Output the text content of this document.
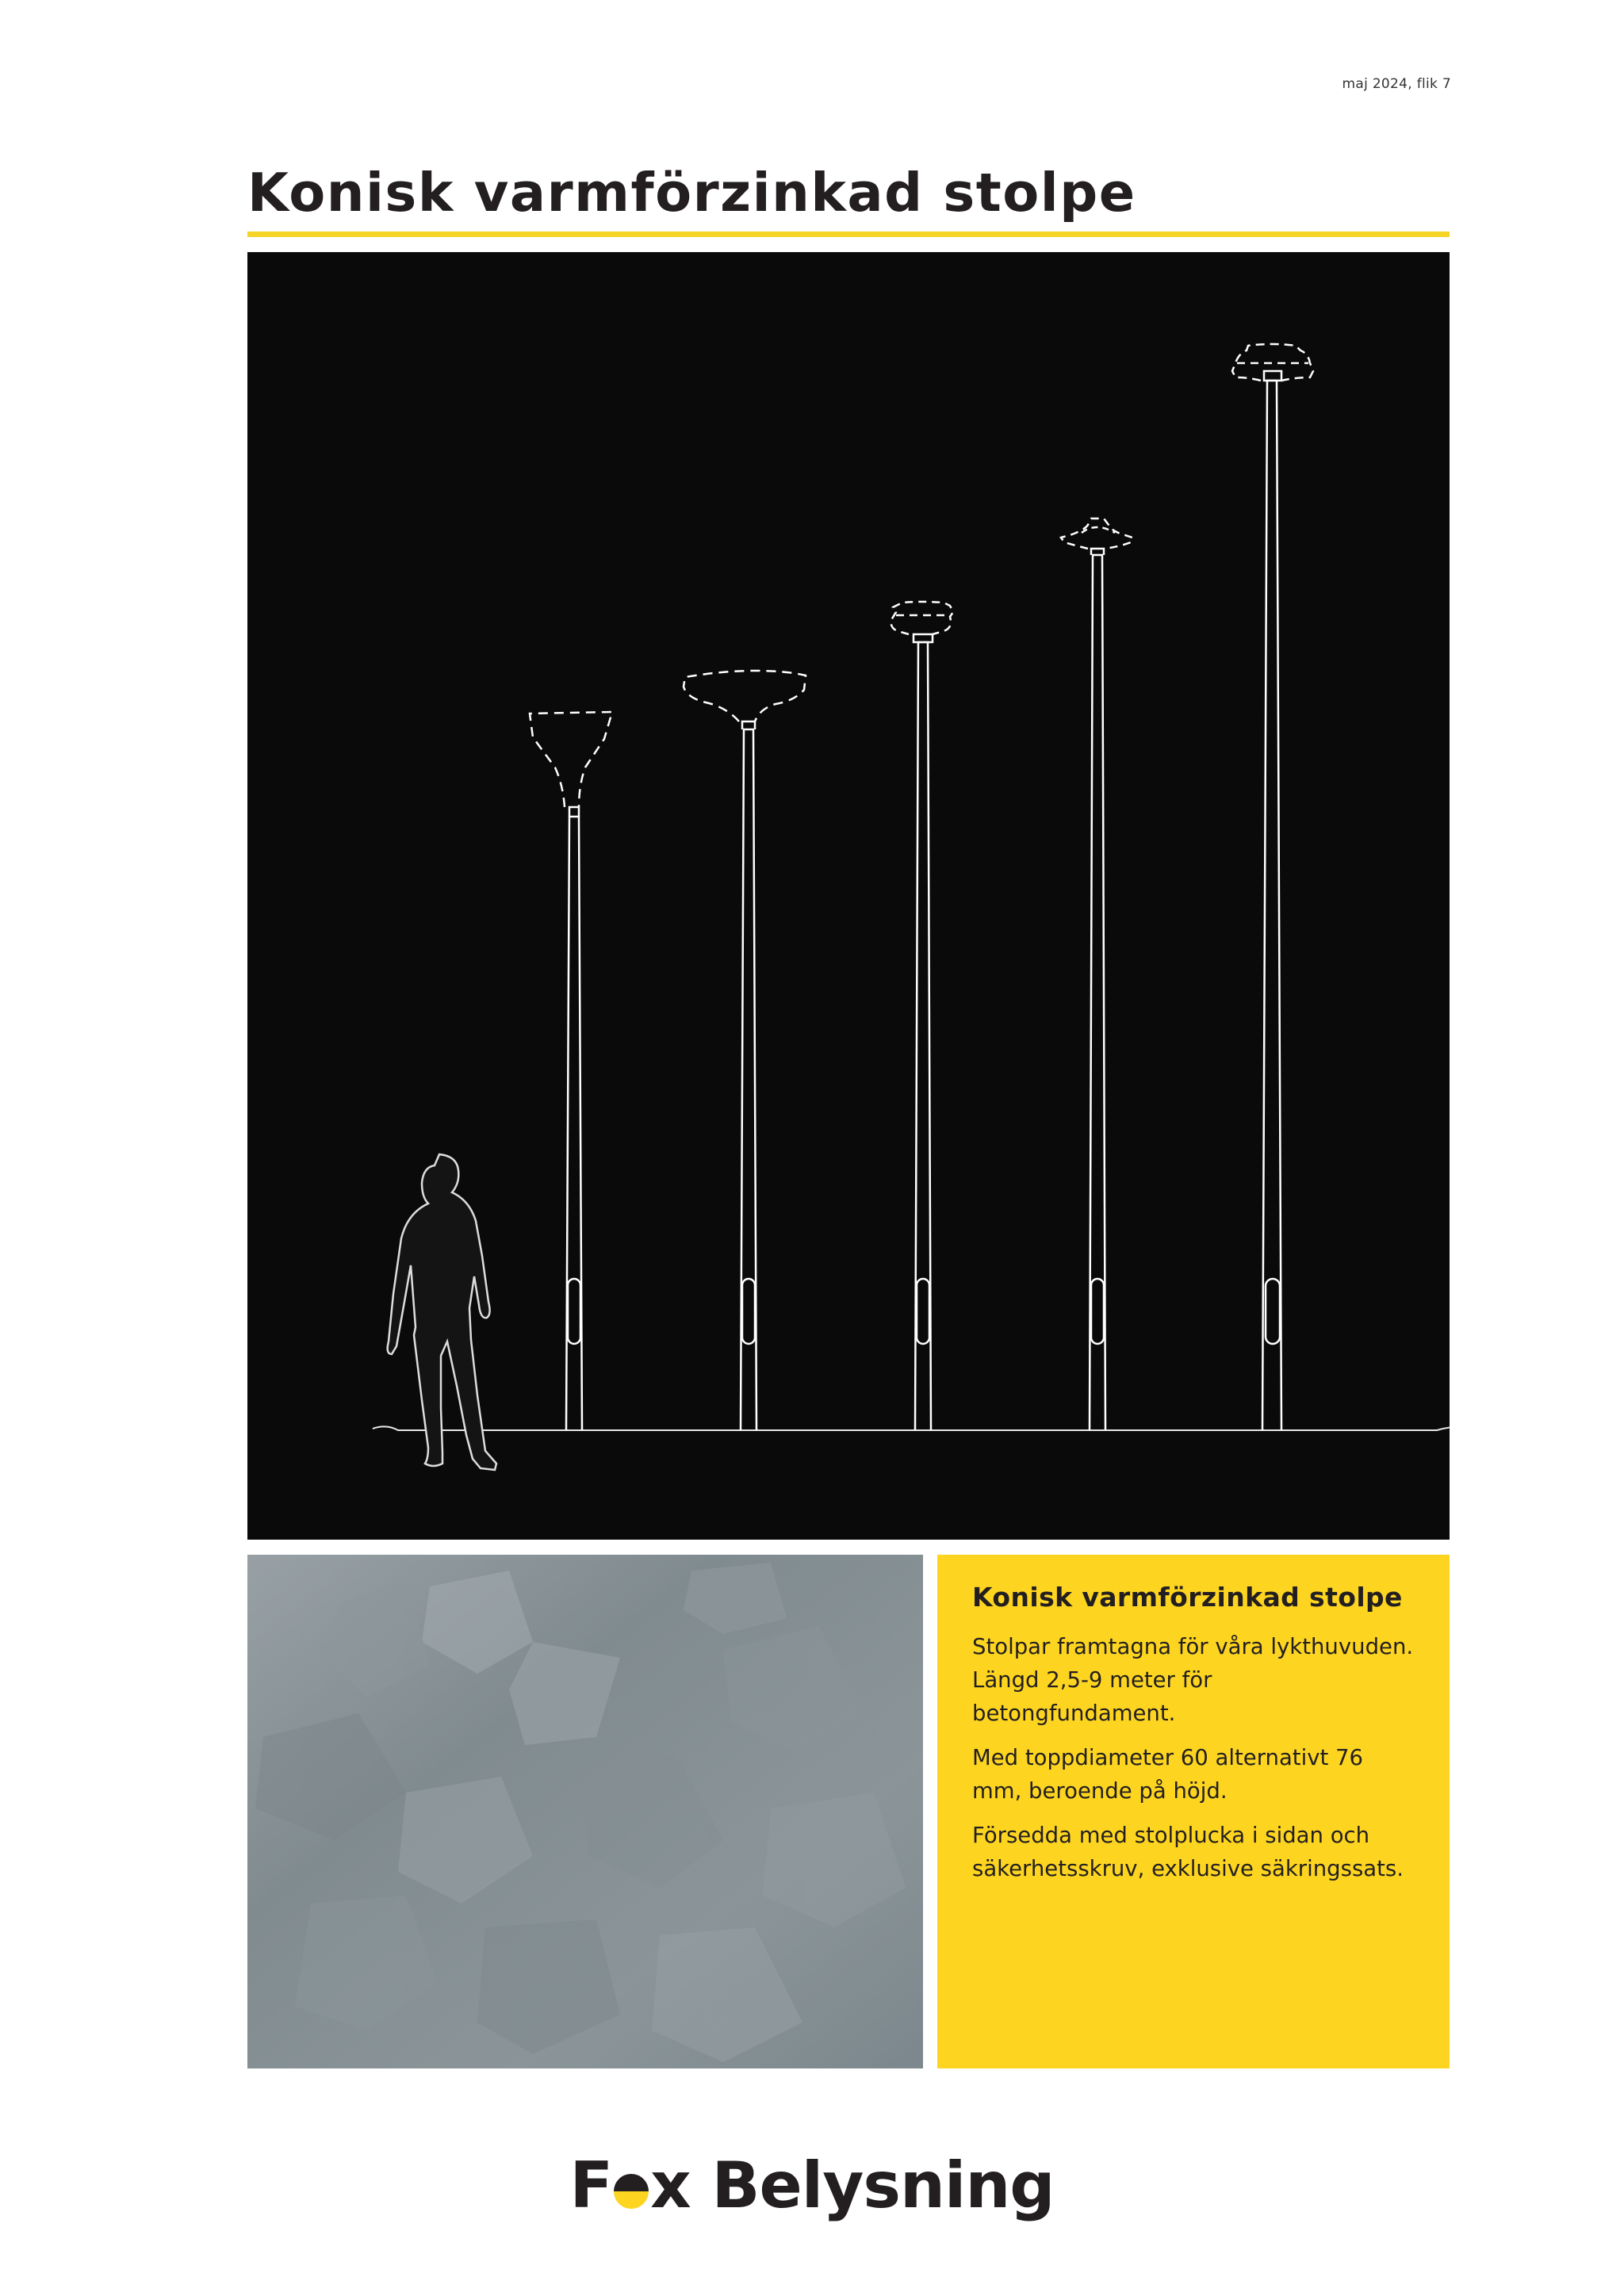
maj 2024, flik 7
Konisk varmförzinkad stolpe
Konisk varmförzinkad stolpe

Stolpar framtagna för våra lykthuvuden. Längd 2,5-9 meter för betongfundament.

Med toppdiameter 60 alternativt 76 mm, beroende på höjd.

Försedda med stolplucka i sidan och säkerhetsskruv, exklusive säkringssats.

F x Belysning
